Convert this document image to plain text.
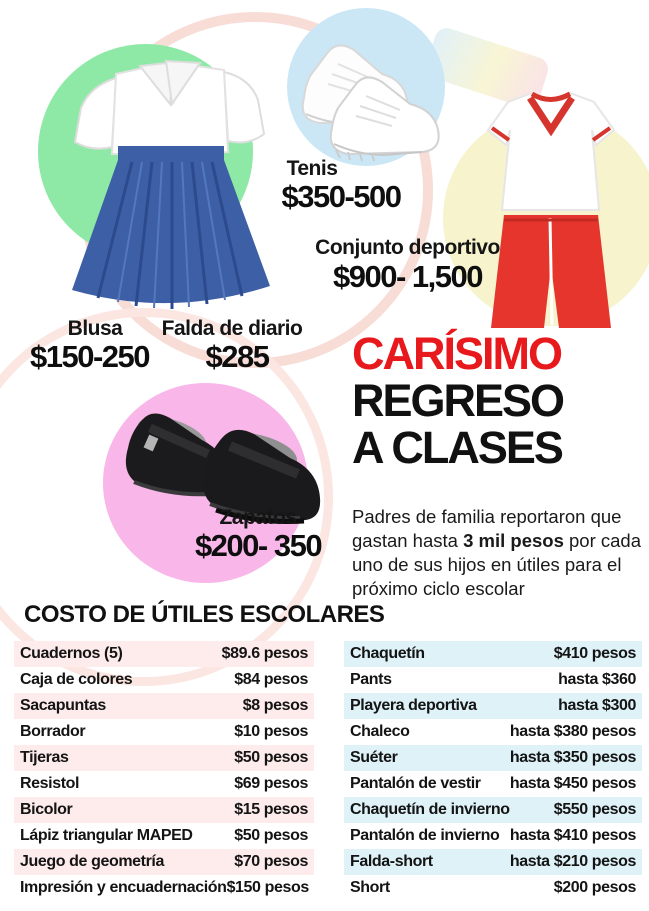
Tenis
$350-500
Conjunto deportivo
$900- 1,500
Blusa
$150-250
Falda de diario
$285
Zapatos
$200- 350
CARÍSIMO
REGRESO
A CLASES

Padres de familia reportaron que gastan hasta 3 mil pesos por cada uno de sus hijos en útiles para el próximo ciclo escolar

COSTO DE ÚTILES ESCOLARES
Cuadernos (5)	$89.6 pesos
Caja de colores	$84 pesos
Sacapuntas	$8 pesos
Borrador	$10 pesos
Tijeras	$50 pesos
Resistol	$69 pesos
Bicolor	$15 pesos
Lápiz triangular MAPED	$50 pesos
Juego de geometría	$70 pesos
Impresión y encuadernación $150 pesos
Chaquetín	$410 pesos
Pants	hasta $360
Playera deportiva	hasta $300
Chaleco	hasta $380 pesos
Suéter	hasta $350 pesos
Pantalón de vestir hasta $450 pesos
Chaquetín de invierno	$550 pesos
Pantalón de invierno hasta $410 pesos
Falda-short	hasta $210 pesos
Short	$200 pesos
